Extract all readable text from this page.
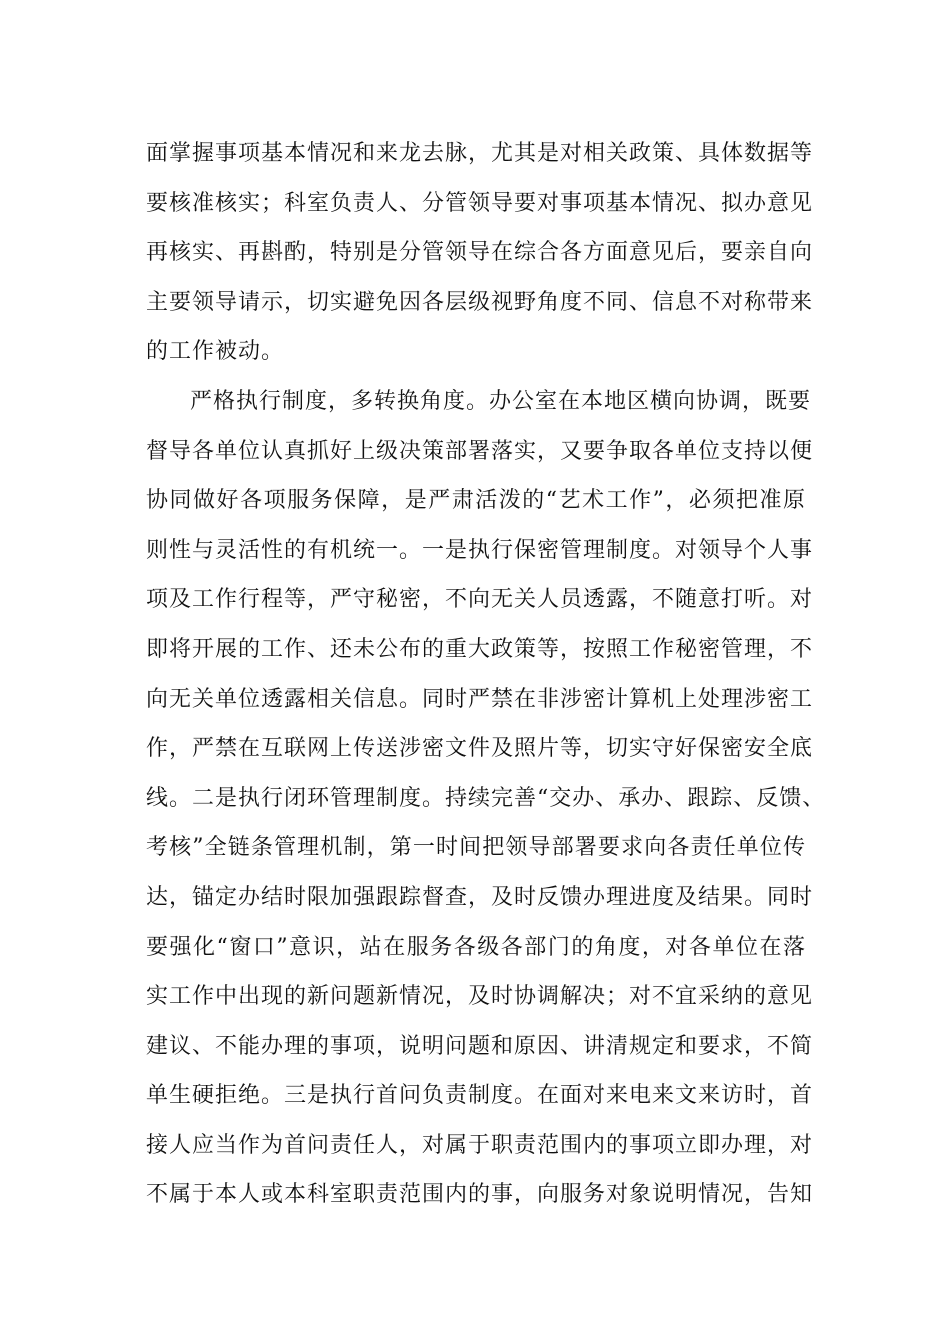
面掌握事项基本情况和来龙去脉，尤其是对相关政策、具体数据等
要核准核实；科室负责人、分管领导要对事项基本情况、拟办意见
再核实、再斟酌，特别是分管领导在综合各方面意见后，要亲自向
主要领导请示，切实避免因各层级视野角度不同、信息不对称带来
的工作被动。
严格执行制度，多转换角度。办公室在本地区横向协调，既要
督导各单位认真抓好上级决策部署落实，又要争取各单位支持以便
协同做好各项服务保障，是严肃活泼的“艺术工作”，必须把准原
则性与灵活性的有机统一。一是执行保密管理制度。对领导个人事
项及工作行程等，严守秘密，不向无关人员透露，不随意打听。对
即将开展的工作、还未公布的重大政策等，按照工作秘密管理，不
向无关单位透露相关信息。同时严禁在非涉密计算机上处理涉密工
作，严禁在互联网上传送涉密文件及照片等，切实守好保密安全底
线。二是执行闭环管理制度。持续完善“交办、承办、跟踪、反馈、
考核”全链条管理机制，第一时间把领导部署要求向各责任单位传
达，锚定办结时限加强跟踪督查，及时反馈办理进度及结果。同时
要强化“窗口”意识，站在服务各级各部门的角度，对各单位在落
实工作中出现的新问题新情况，及时协调解决；对不宜采纳的意见
建议、不能办理的事项，说明问题和原因、讲清规定和要求，不简
单生硬拒绝。三是执行首问负责制度。在面对来电来文来访时，首
接人应当作为首问责任人，对属于职责范围内的事项立即办理，对
不属于本人或本科室职责范围内的事，向服务对象说明情况，告知
